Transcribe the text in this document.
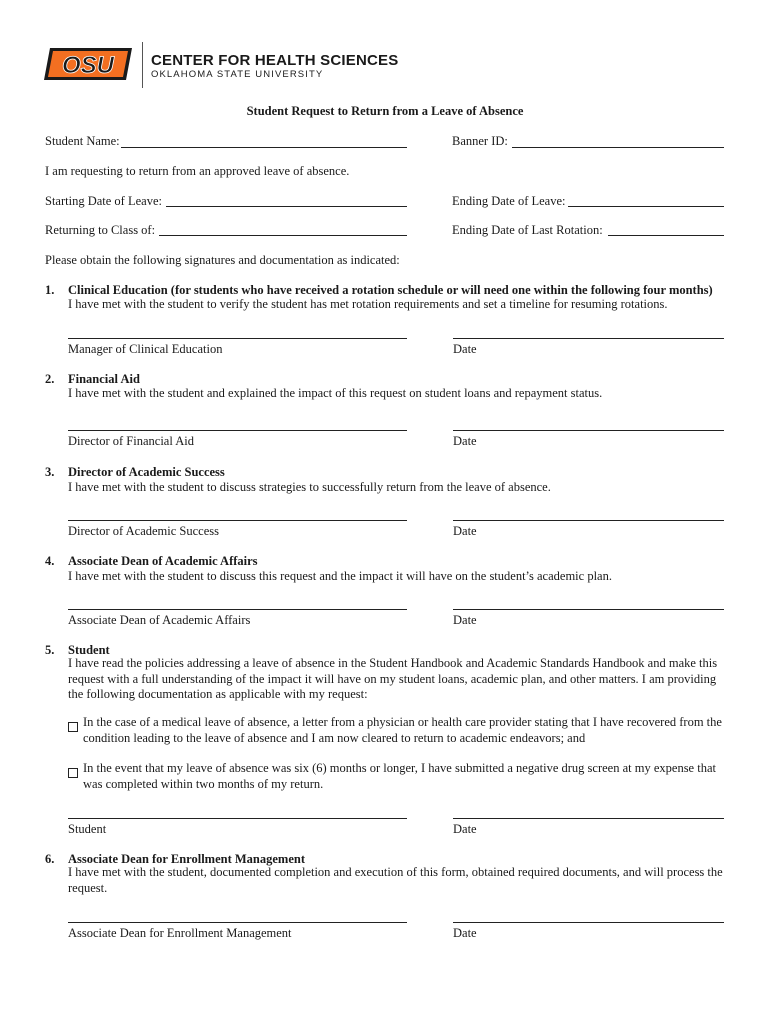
OSU CENTER FOR HEALTH SCIENCES
OKLAHOMA STATE UNIVERSITY
Student Request to Return from a Leave of Absence
Student Name:	Banner ID:
I am requesting to return from an approved leave of absence.
Starting Date of Leave:	Ending Date of Leave:
Returning to Class of:	Ending Date of Last Rotation:
Please obtain the following signatures and documentation as indicated:
1. Clinical Education (for students who have received a rotation schedule or will need one within the following four months)
I have met with the student to verify the student has met rotation requirements and set a timeline for resuming rotations.
Manager of Clinical Education	Date
2. Financial Aid
I have met with the student and explained the impact of this request on student loans and repayment status.
Director of Financial Aid	Date
3. Director of Academic Success
I have met with the student to discuss strategies to successfully return from the leave of absence.
Director of Academic Success	Date
4. Associate Dean of Academic Affairs
I have met with the student to discuss this request and the impact it will have on the student’s academic plan.
Associate Dean of Academic Affairs	Date
5. Student
I have read the policies addressing a leave of absence in the Student Handbook and Academic Standards Handbook and make this request with a full understanding of the impact it will have on my student loans, academic plan, and other matters. I am providing the following documentation as applicable with my request:
In the case of a medical leave of absence, a letter from a physician or health care provider stating that I have recovered from the condition leading to the leave of absence and I am now cleared to return to academic endeavors; and
In the event that my leave of absence was six (6) months or longer, I have submitted a negative drug screen at my expense that was completed within two months of my return.
Student	Date
6. Associate Dean for Enrollment Management
I have met with the student, documented completion and execution of this form, obtained required documents, and will process the request.
Associate Dean for Enrollment Management	Date
